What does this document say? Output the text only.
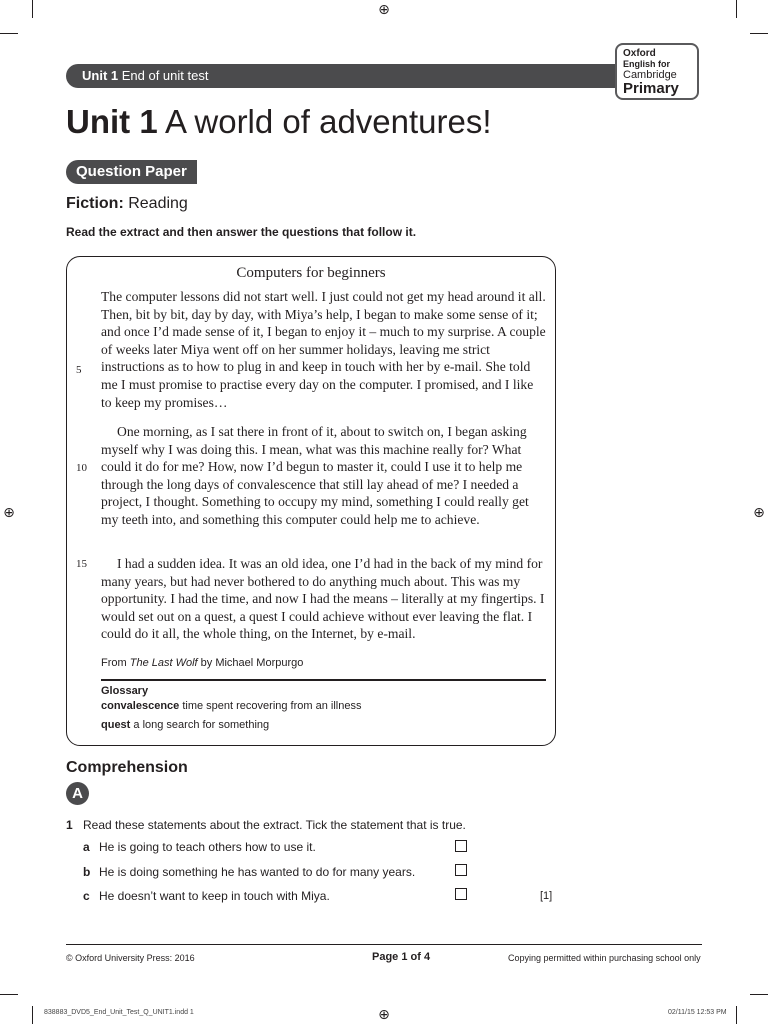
⊕
⊕	⊕
⊕
Unit 1 End of unit test
Oxford
English for
Cambridge
Primary
Unit 1 A world of adventures!
Question Paper
Fiction: Reading
Read the extract and then answer the questions that follow it.
Computers for beginners

The computer lessons did not start well. I just could not get my head around it all. Then, bit by bit, day by day, with Miya’s help, I began to make some sense of it; and once I’d made sense of it, I began to enjoy it – much to my surprise. A couple of weeks later Miya went off on her summer holidays, leaving me strict instructions as to how to plug in and keep in touch with her by e-mail. She told me I must promise to practise every day on the computer. I promised, and I like to keep my promises…

One morning, as I sat there in front of it, about to switch on, I began asking myself why I was doing this. I mean, what was this machine really for? What could it do for me? How, now I’d begun to master it, could I use it to help me through the long days of convalescence that still lay ahead of me? I needed a project, I thought. Something to occupy my mind, something I could really get my teeth into, and something this computer could help me to achieve.

I had a sudden idea. It was an old idea, one I’d had in the back of my mind for many years, but had never bothered to do anything much about. This was my opportunity. I had the time, and now I had the means – literally at my fingertips. I would set out on a quest, a quest I could achieve without ever leaving the flat. I could do it all, the whole thing, on the Internet, by e-mail.

5
10
15
From The Last Wolf by Michael Morpurgo
Glossary
convalescence time spent recovering from an illness
quest a long search for something
Comprehension
A
1 Read these statements about the extract. Tick the statement that is true.
a He is going to teach others how to use it.
b He is doing something he has wanted to do for many years.
c He doesn’t want to keep in touch with Miya.	[1]
© Oxford University Press: 2016	Page 1 of 4	Copying permitted within purchasing school only
838883_DVD5_End_Unit_Test_Q_UNIT1.indd 1	02/11/15 12:53 PM
